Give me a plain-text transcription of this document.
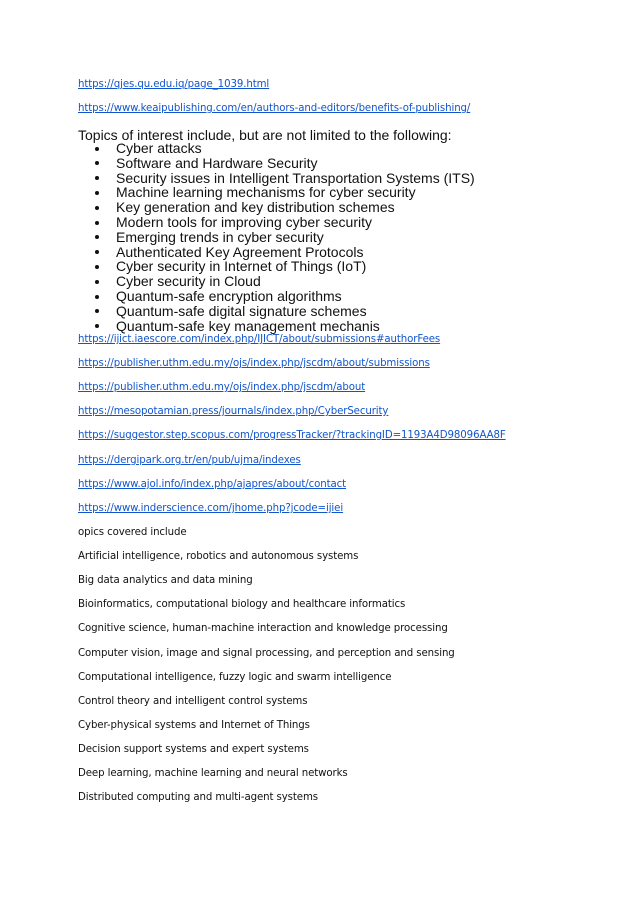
https://qjes.qu.edu.iq/page_1039.html
https://www.keaipublishing.com/en/authors-and-editors/benefits-of-publishing/
Topics of interest include, but are not limited to the following:
Cyber attacks
Software and Hardware Security
Security issues in Intelligent Transportation Systems (ITS)
Machine learning mechanisms for cyber security
Key generation and key distribution schemes
Modern tools for improving cyber security
Emerging trends in cyber security
Authenticated Key Agreement Protocols
Cyber security in Internet of Things (IoT)
Cyber security in Cloud
Quantum-safe encryption algorithms
Quantum-safe digital signature schemes
Quantum-safe key management mechanis
https://ijict.iaescore.com/index.php/IJICT/about/submissions#authorFees
https://publisher.uthm.edu.my/ojs/index.php/jscdm/about/submissions
https://publisher.uthm.edu.my/ojs/index.php/jscdm/about
https://mesopotamian.press/journals/index.php/CyberSecurity
https://suggestor.step.scopus.com/progressTracker/?trackingID=1193A4D98096AA8F
https://dergipark.org.tr/en/pub/ujma/indexes
https://www.ajol.info/index.php/ajapres/about/contact
https://www.inderscience.com/jhome.php?jcode=ijiei
opics covered include
Artificial intelligence, robotics and autonomous systems
Big data analytics and data mining
Bioinformatics, computational biology and healthcare informatics
Cognitive science, human-machine interaction and knowledge processing
Computer vision, image and signal processing, and perception and sensing
Computational intelligence, fuzzy logic and swarm intelligence
Control theory and intelligent control systems
Cyber-physical systems and Internet of Things
Decision support systems and expert systems
Deep learning, machine learning and neural networks
Distributed computing and multi-agent systems
